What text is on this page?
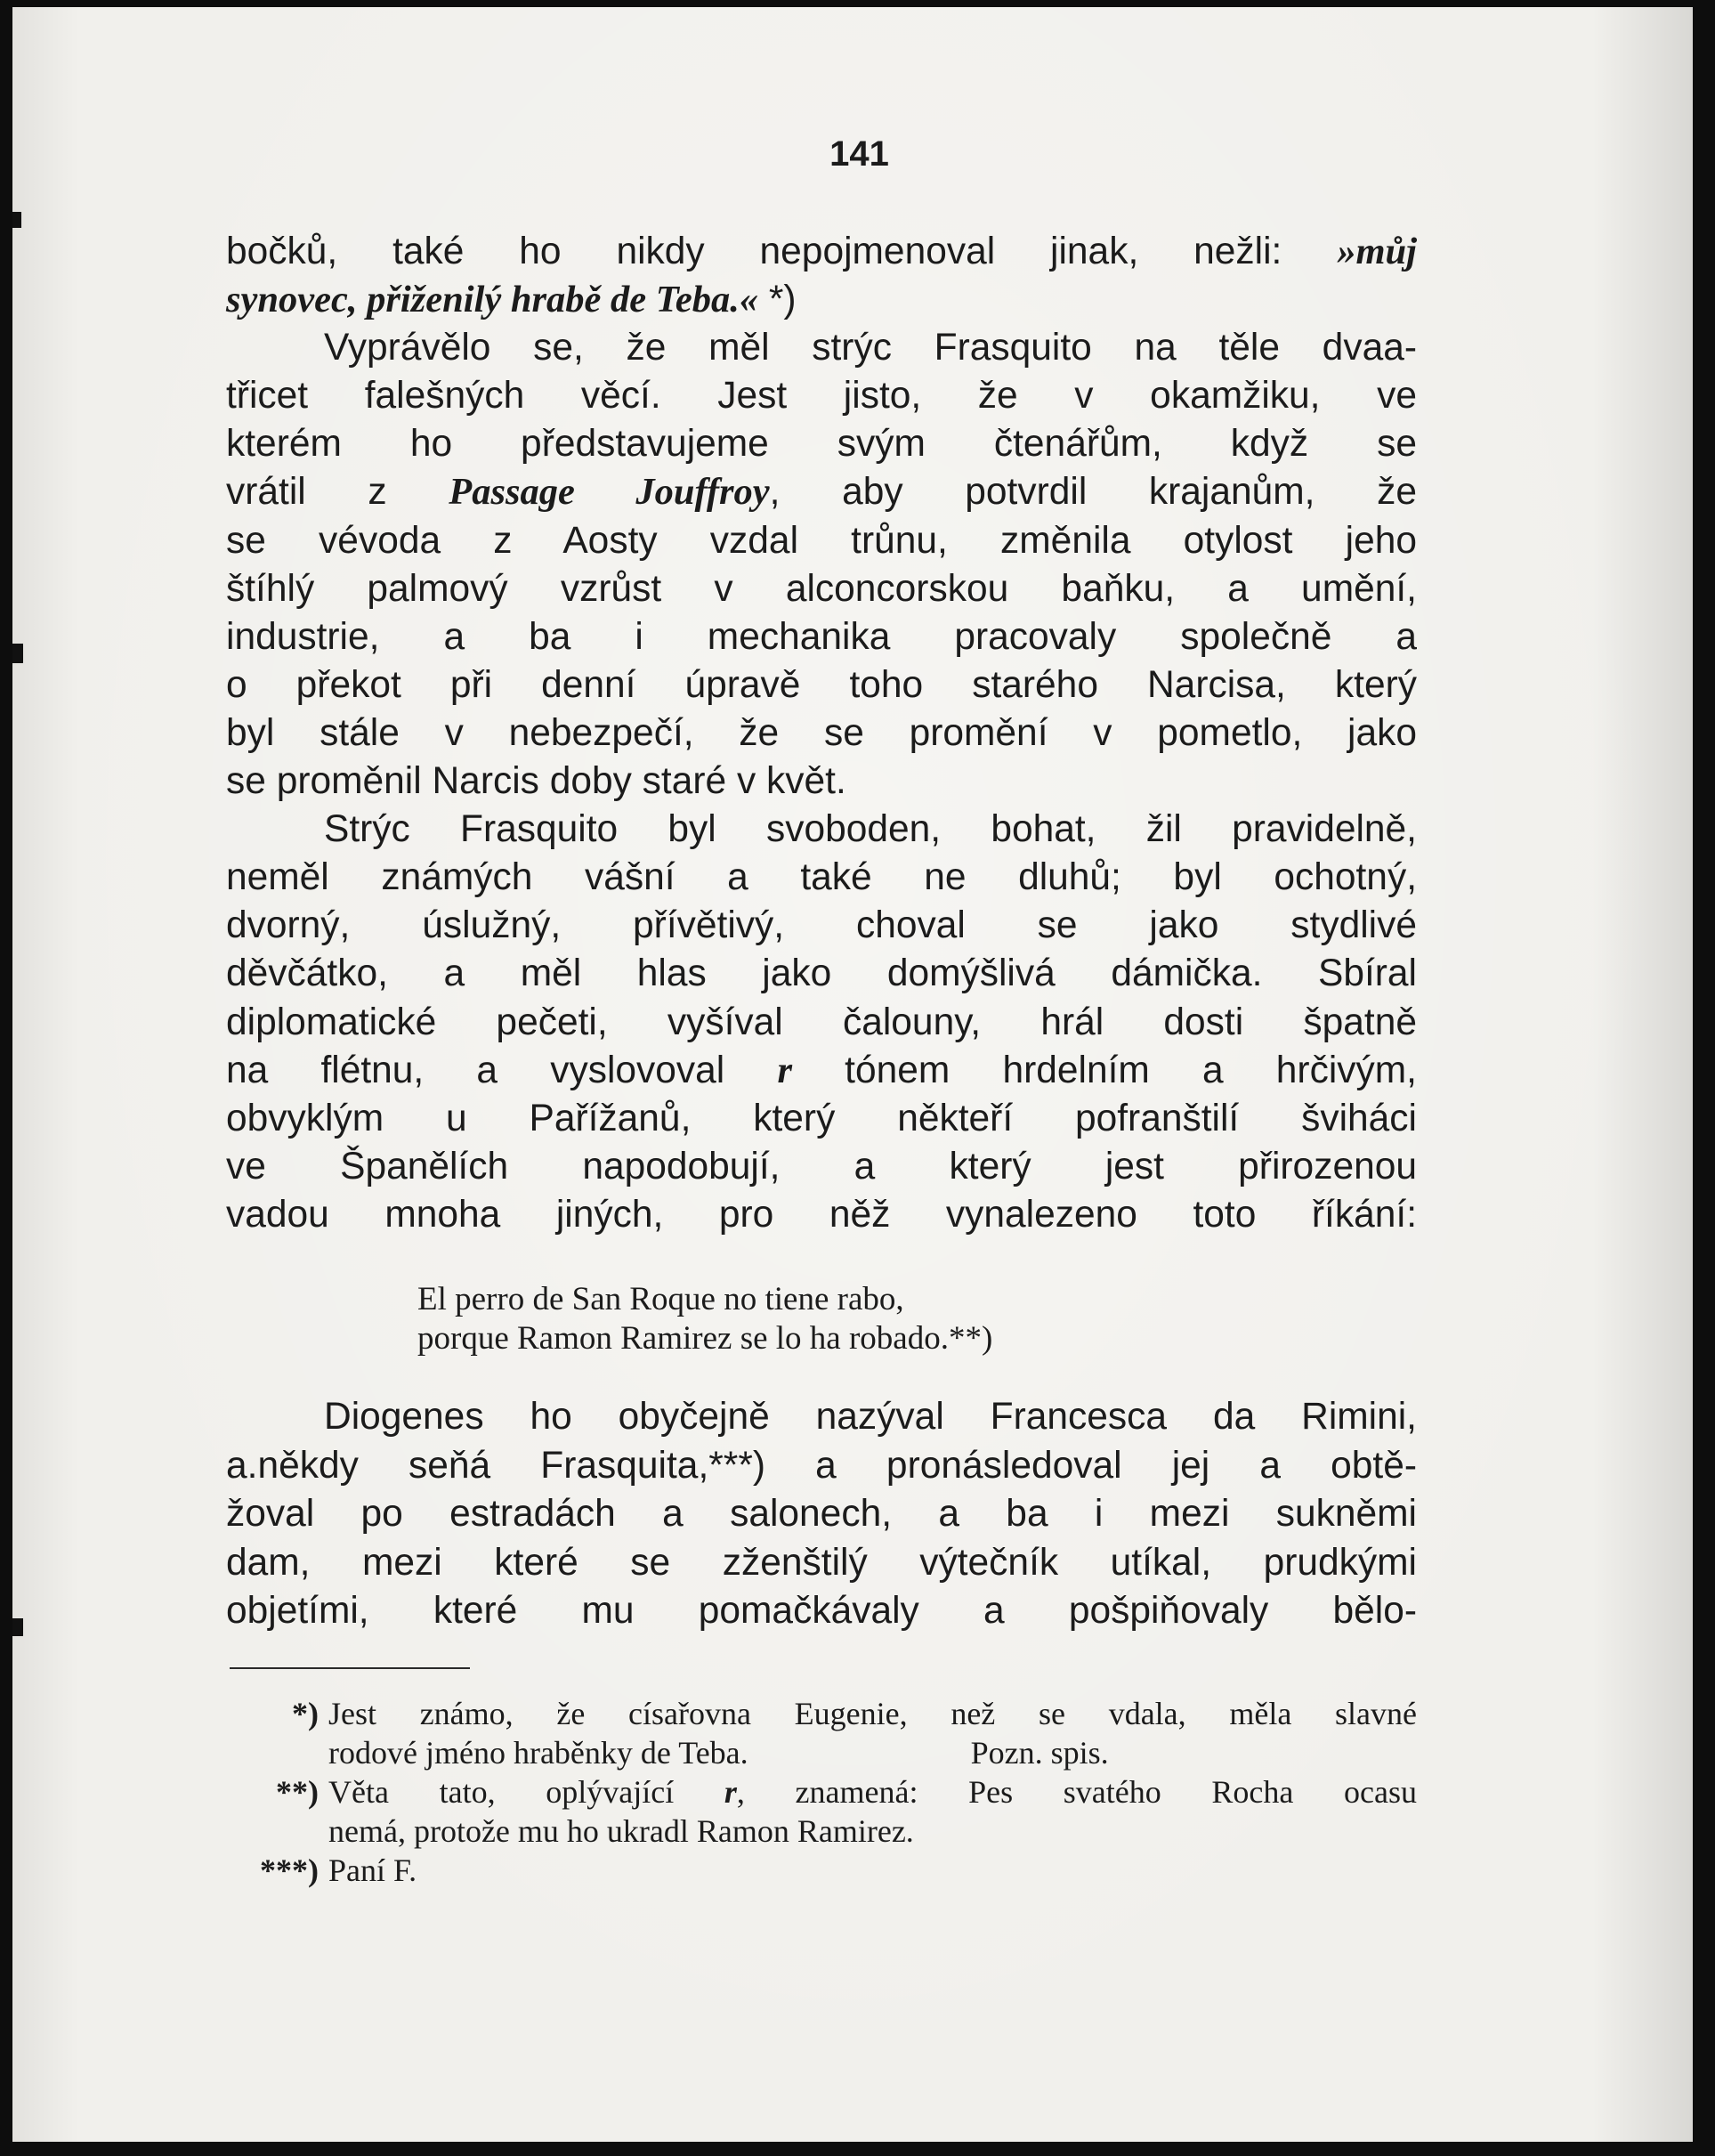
141
bočků, také ho nikdy nepojmenoval jinak, nežli: »můj
synovec, přiženilý hrabě de Teba.« *)
Vyprávělo se, že měl strýc Frasquito na těle dvaa-
třicet falešných věcí. Jest jisto, že v okamžiku, ve
kterém ho představujeme svým čtenářům, když se
vrátil z Passage Jouffroy, aby potvrdil krajanům, že
se vévoda z Aosty vzdal trůnu, změnila otylost jeho
štíhlý palmový vzrůst v alconcorskou baňku, a umění,
industrie, a ba i mechanika pracovaly společně a
o překot při denní úpravě toho starého Narcisa, který
byl stále v nebezpečí, že se promění v pometlo, jako
se proměnil Narcis doby staré v květ.
Strýc Frasquito byl svoboden, bohat, žil pravidelně,
neměl známých vášní a také ne dluhů; byl ochotný,
dvorný, úslužný, přívětivý, choval se jako stydlivé
děvčátko, a měl hlas jako domýšlivá dámička. Sbíral
diplomatické pečeti, vyšíval čalouny, hrál dosti špatně
na flétnu, a vyslovoval r tónem hrdelním a hrčivým,
obvyklým u Pařížanů, který někteří pofranštilí šviháci
ve Španělích napodobují, a který jest přirozenou
vadou mnoha jiných, pro něž vynalezeno toto říkání:
El perro de San Roque no tiene rabo,
porque Ramon Ramirez se lo ha robado.**)
Diogenes ho obyčejně nazýval Francesca da Rimini,
a.někdy seňá Frasquita,***) a pronásledoval jej a obtě-
žoval po estradách a salonech, a ba i mezi sukněmi
dam, mezi které se zženštilý výtečník utíkal, prudkými
objetími, které mu pomačkávaly a pošpiňovaly bělo-
*) Jest známo, že císařovna Eugenie, než se vdala, měla slavné
rodové jméno hraběnky de Teba.	Pozn. spis.
**) Věta tato, oplývající r, znamená: Pes svatého Rocha ocasu
nemá, protože mu ho ukradl Ramon Ramirez.
***) Paní F.
